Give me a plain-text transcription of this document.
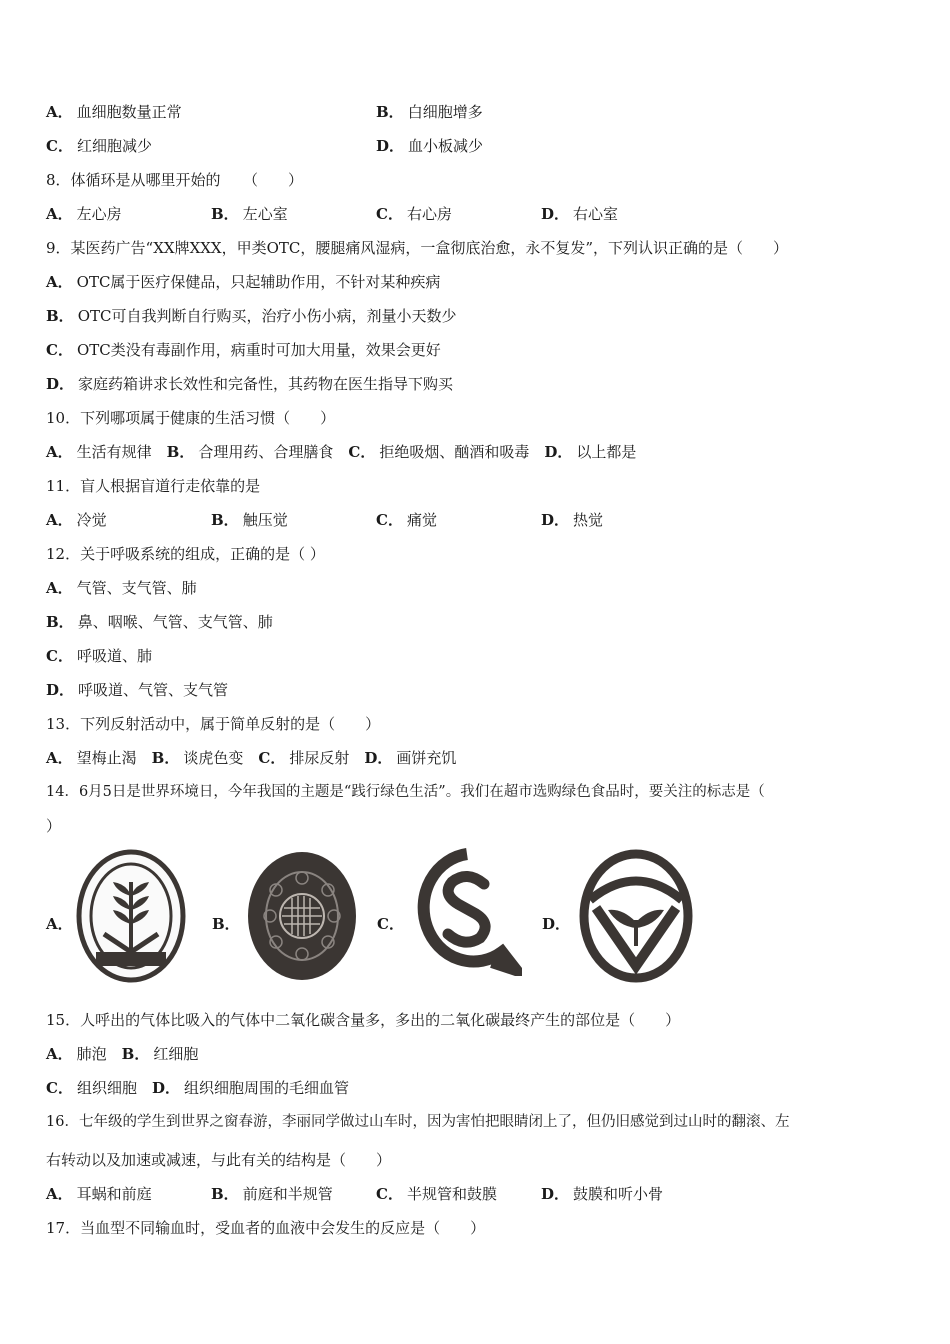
A． 血细胞数量正常	B． 白细胞增多
C． 红细胞减少	D． 血小板减少
8．体循环是从哪里开始的　　（　　）
A． 左心房	B． 左心室	C． 右心房	D． 右心室
9．某医药广告“XX牌XXX，甲类OTC，腰腿痛风湿病，一盒彻底治愈，永不复发”，下列认识正确的是（　　）
A． OTC属于医疗保健品，只起辅助作用，不针对某种疾病
B． OTC可自我判断自行购买，治疗小伤小病，剂量小天数少
C． OTC类没有毒副作用，病重时可加大用量，效果会更好
D． 家庭药箱讲求长效性和完备性，其药物在医生指导下购买
10．下列哪项属于健康的生活习惯（　　）
A． 生活有规律　 B． 合理用药、合理膳食　 C． 拒绝吸烟、酗酒和吸毒　 D． 以上都是
11．盲人根据盲道行走依靠的是
A． 冷觉	B． 触压觉	C． 痛觉	D． 热觉
12．关于呼吸系统的组成，正确的是（ ）
A． 气管、支气管、肺
B． 鼻、咽喉、气管、支气管、肺
C． 呼吸道、肺
D． 呼吸道、气管、支气管
13．下列反射活动中，属于简单反射的是（　　）
A． 望梅止渴　 B． 谈虎色变　 C． 排尿反射　 D． 画饼充饥
14．6月5日是世界环境日，今年我国的主题是“践行绿色生活”。我们在超市选购绿色食品时，要关注的标志是（
）
A．	B．	C．	D．
15．人呼出的气体比吸入的气体中二氧化碳含量多，多出的二氧化碳最终产生的部位是（　　）
A． 肺泡　 B． 红细胞
C． 组织细胞　 D． 组织细胞周围的毛细血管
16．七年级的学生到世界之窗春游，李丽同学做过山车时，因为害怕把眼睛闭上了，但仍旧感觉到过山时的翻滚、左
右转动以及加速或减速，与此有关的结构是（　　）
A． 耳蜗和前庭	B． 前庭和半规管	C． 半规管和鼓膜	D． 鼓膜和听小骨
17．当血型不同输血时，受血者的血液中会发生的反应是（　　）
